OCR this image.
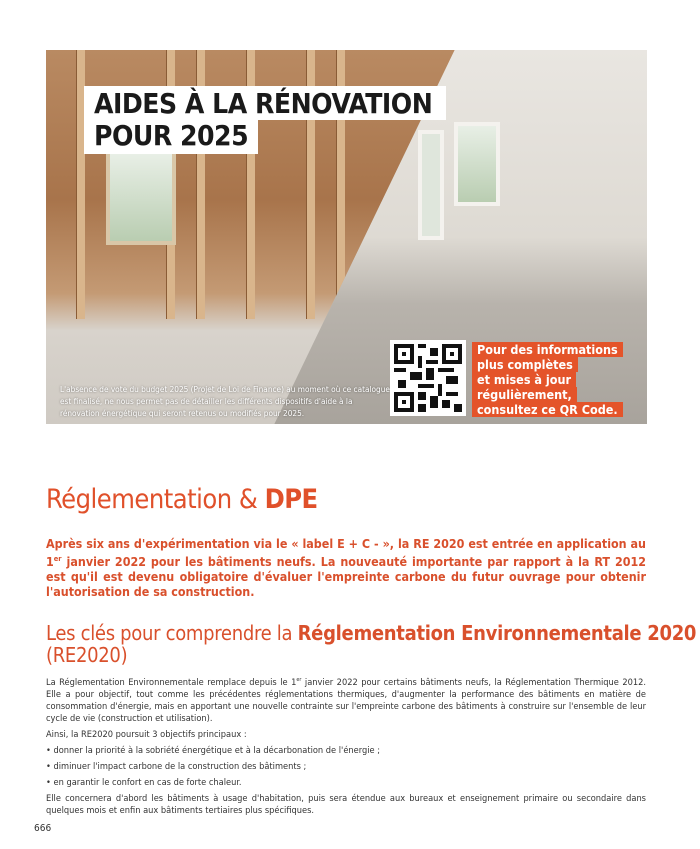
AIDES À LA RÉNOVATION
POUR 2025
L'absence de vote du budget 2025 (Projet de Loi de Finance) au moment où ce catalogue est finalisé, ne nous permet pas de détailler les différents dispositifs d'aide à la rénovation énergétique qui seront retenus ou modifiés pour 2025.
Pour des informations
plus complètes
et mises à jour
régulièrement,
consultez ce QR Code.
Réglementation & DPE
Après six ans d'expérimentation via le « label E + C - », la RE 2020 est entrée en application au 1er janvier 2022 pour les bâtiments neufs. La nouveauté importante par rapport à la RT 2012 est qu'il est devenu obligatoire d'évaluer l'empreinte carbone du futur ouvrage pour obtenir l'autorisation de sa construction.
Les clés pour comprendre la Réglementation Environnementale 2020 (RE2020)

La Réglementation Environnementale remplace depuis le 1er janvier 2022 pour certains bâtiments neufs, la Réglementation Thermique 2012. Elle a pour objectif, tout comme les précédentes réglementations thermiques, d'augmenter la performance des bâtiments en matière de consommation d'énergie, mais en apportant une nouvelle contrainte sur l'empreinte carbone des bâtiments à construire sur l'ensemble de leur cycle de vie (construction et utilisation).

Ainsi, la RE2020 poursuit 3 objectifs principaux :

• donner la priorité à la sobriété énergétique et à la décarbonation de l'énergie ;

• diminuer l'impact carbone de la construction des bâtiments ;

• en garantir le confort en cas de forte chaleur.

Elle concernera d'abord les bâtiments à usage d'habitation, puis sera étendue aux bureaux et enseignement primaire ou secondaire dans quelques mois et enfin aux bâtiments tertiaires plus spécifiques.

666
